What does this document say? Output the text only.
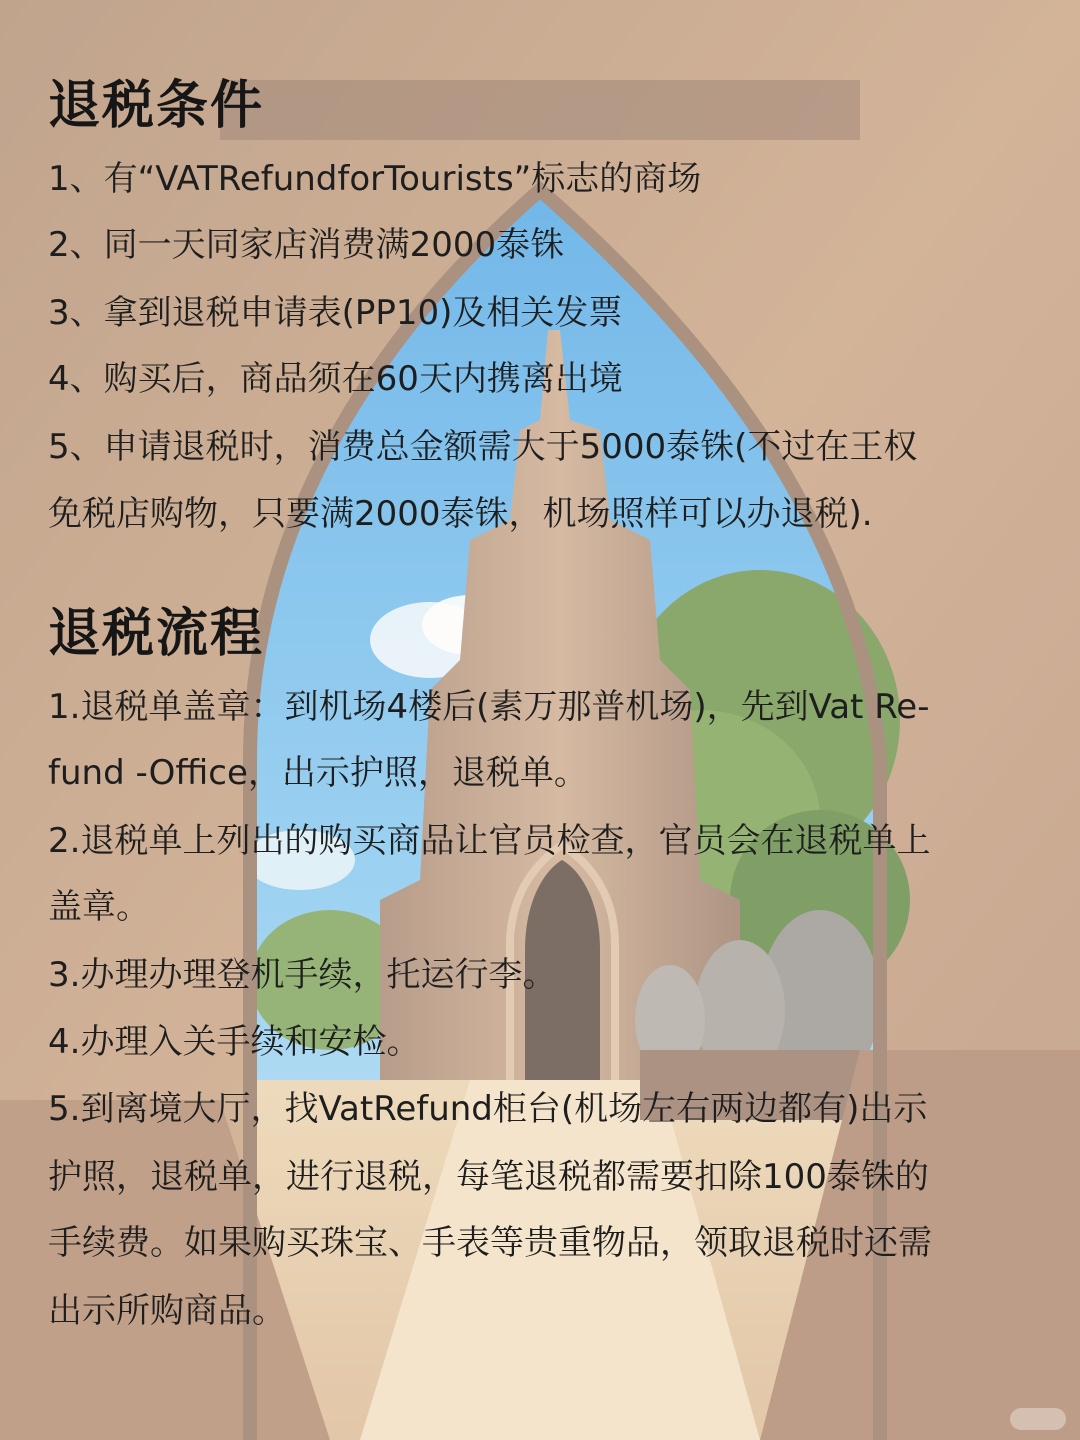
退税条件

1、有“VATRefundforTourists”标志的商场

2、同一天同家店消费满2000泰铢

3、拿到退税申请表(PP10)及相关发票

4、购买后，商品须在60天内携离出境

5、申请退税时，消费总金额需大于5000泰铢(不过在王权

免税店购物，只要满2000泰铢，机场照样可以办退税).

退税流程

1.退税单盖章：到机场4楼后(素万那普机场)，先到Vat Re-

fund -Office，出示护照，退税单。

2.退税单上列出的购买商品让官员检查，官员会在退税单上

盖章。

3.办理办理登机手续，托运行李。

4.办理入关手续和安检。

5.到离境大厅，找VatRefund柜台(机场左右两边都有)出示

护照，退税单，进行退税，每笔退税都需要扣除100泰铢的

手续费。如果购买珠宝、手表等贵重物品，领取退税时还需

出示所购商品。
